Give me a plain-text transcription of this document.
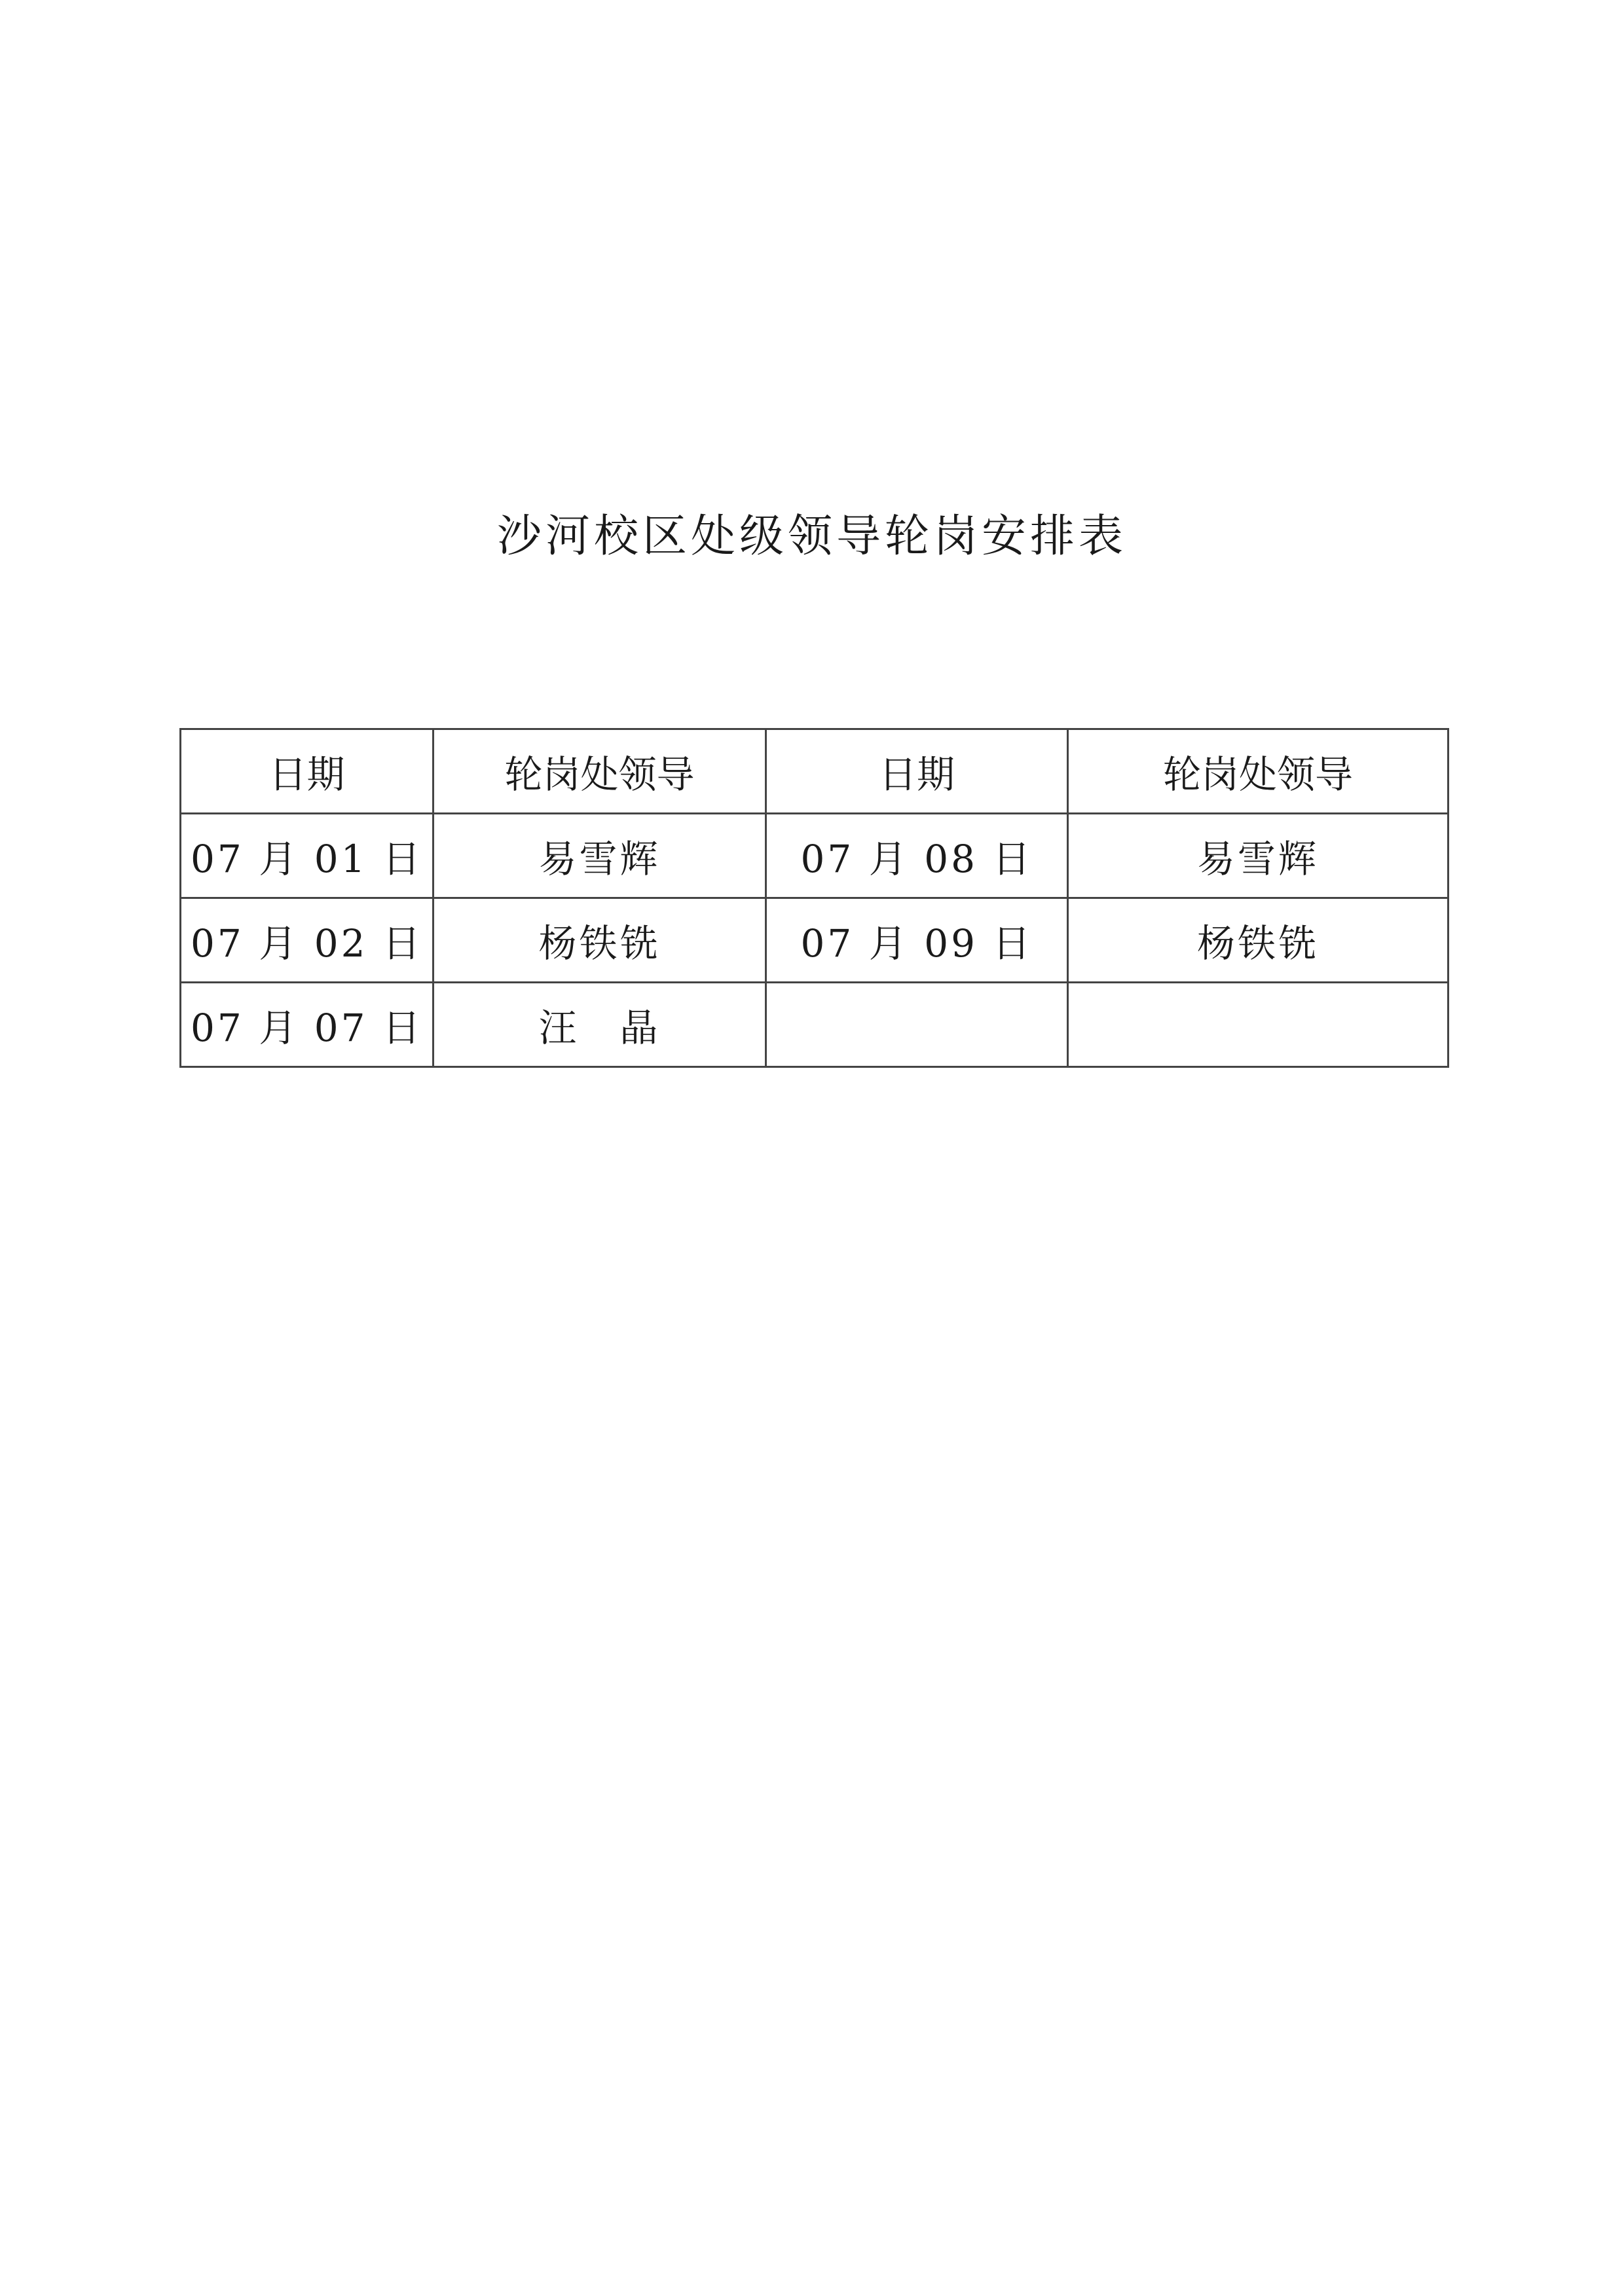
沙河校区处级领导轮岗安排表
日期	轮岗处领导	日期	轮岗处领导
07 月 01 日	易雪辉	07 月 08 日	易雪辉
07 月 02 日	杨铁铣	07 月 09 日	杨铁铣
07 月 07 日	汪　晶		
